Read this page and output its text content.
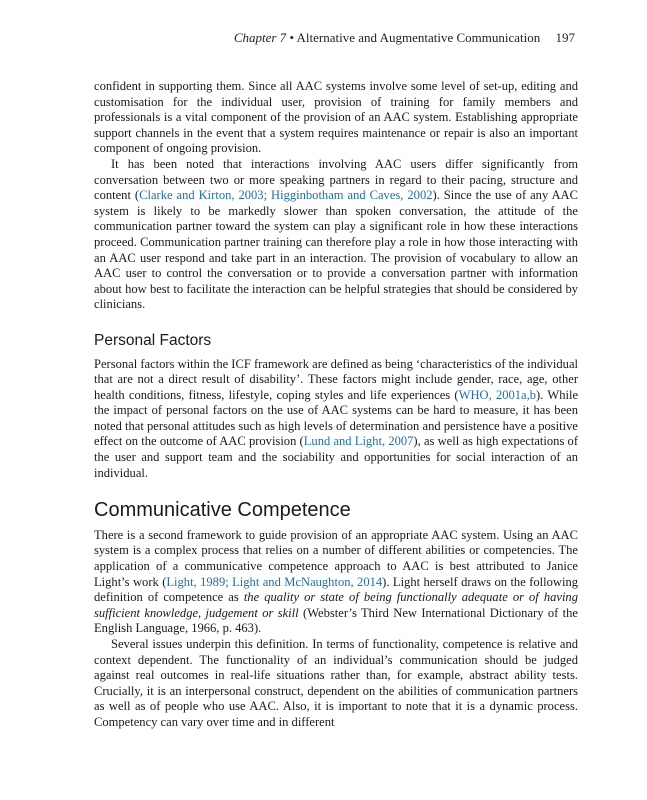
Chapter 7 • Alternative and Augmentative Communication 197

confident in supporting them. Since all AAC systems involve some level of set-up, editing and customisation for the individual user, provision of training for family members and professionals is a vital component of the provision of an AAC system. Establishing appropriate support channels in the event that a system requires maintenance or repair is also an important component of ongoing provision.

It has been noted that interactions involving AAC users differ significantly from conversation between two or more speaking partners in regard to their pacing, structure and content (Clarke and Kirton, 2003; Higginbotham and Caves, 2002). Since the use of any AAC system is likely to be markedly slower than spoken conversation, the attitude of the communication partner toward the system can play a significant role in how these interactions proceed. Communication partner training can therefore play a role in how those interacting with an AAC user respond and take part in an interaction. The provision of vocabulary to allow an AAC user to control the conversation or to provide a conversation partner with information about how best to facilitate the interaction can be helpful strategies that should be considered by clinicians.

Personal Factors

Personal factors within the ICF framework are defined as being ‘characteristics of the individual that are not a direct result of disability’. These factors might include gender, race, age, other health conditions, fitness, lifestyle, coping styles and life experiences (WHO, 2001a,b). While the impact of personal factors on the use of AAC systems can be hard to measure, it has been noted that personal attitudes such as high levels of determination and persistence have a positive effect on the outcome of AAC provision (Lund and Light, 2007), as well as high expectations of the user and support team and the sociability and opportunities for social interaction of an individual.

Communicative Competence

There is a second framework to guide provision of an appropriate AAC system. Using an AAC system is a complex process that relies on a number of different abilities or competencies. The application of a communicative competence approach to AAC is best attributed to Janice Light’s work (Light, 1989; Light and McNaughton, 2014). Light herself draws on the following definition of competence as the quality or state of being functionally adequate or of having sufficient knowledge, judgement or skill (Webster’s Third New International Dictionary of the English Language, 1966, p. 463).

Several issues underpin this definition. In terms of functionality, competence is relative and context dependent. The functionality of an individual’s communication should be judged against real outcomes in real-life situations rather than, for example, abstract ability tests. Crucially, it is an interpersonal construct, dependent on the abilities of communication partners as well as of people who use AAC. Also, it is important to note that it is a dynamic process. Competency can vary over time and in different
